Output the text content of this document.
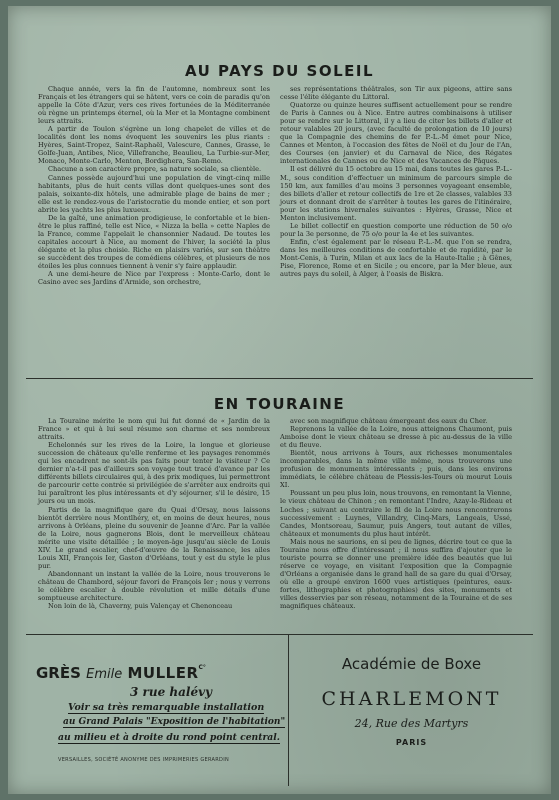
AU PAYS DU SOLEIL

Chaque année, vers la fin de l'automne, nombreux sont les Français et les étrangers qui se hâtent, vers ce coin de paradis qu'on appelle la Côte d'Azur, vers ces rives fortunées de la Méditerranée où règne un printemps éternel, où la Mer et la Montagne combinent leurs attraits.

A partir de Toulon s'égrène un long chapelet de villes et de localités dont les noms évoquent les souvenirs les plus riants : Hyères, Saint-Tropez, Saint-Raphaël, Valescure, Cannes, Grasse, le Golfe-Juan, Antibes, Nice, Villefranche, Beaulieu, La Turbie-sur-Mer, Monaco, Monte-Carlo, Menton, Bordighera, San-Remo.

Chacune a son caractère propre, sa nature sociale, sa clientèle.

Cannes possède aujourd'hui une population de vingt-cinq mille habitants, plus de huit cents villas dont quelques-unes sont des palais, soixante-dix hôtels, une admirable plage de bains de mer ; elle est le rendez-vous de l'aristocratie du monde entier, et son port abrite les yachts les plus luxueux.

De la gaîté, une animation prodigieuse, le confortable et le bien-être le plus raffiné, telle est Nice, « Nizza la bella » cette Naples de la France, comme l'appelait le chansonnier Nadaud. De toutes les capitales accourt à Nice, au moment de l'hiver, la société la plus élégante et la plus choisie. Riche en plaisirs variés, sur son théâtre se succèdent des troupes de comédiens célèbres, et plusieurs de nos étoiles les plus connues tiennent à venir s'y faire applaudir.

A une demi-heure de Nice par l'express : Monte-Carlo, dont le Casino avec ses Jardins d'Armide, son orchestre,

ses représentations théâtrales, son Tir aux pigeons, attire sans cesse l'élite élégante du Littoral.

Quatorze ou quinze heures suffisent actuellement pour se rendre de Paris à Cannes ou à Nice. Entre autres combinaisons à utiliser pour se rendre sur le Littoral, il y a lieu de citer les billets d'aller et retour valables 20 jours, (avec faculté de prolongation de 10 jours) que la Compagnie des chemins de fer P.-L.-M émet pour Nice, Cannes et Menton, à l'occasion des fêtes de Noël et du Jour de l'An, des Courses (en janvier) et du Carnaval de Nice, des Régates internationales de Cannes ou de Nice et des Vacances de Pâques.

Il est délivré du 15 octobre au 15 mai, dans toutes les gares P.-L.-M., sous condition d'effectuer un minimum de parcours simple de 150 km, aux familles d'au moins 3 personnes voyageant ensemble, des billets d'aller et retour collectifs de 1re et 2e classes, valables 33 jours et donnant droit de s'arrêter à toutes les gares de l'itinéraire, pour les stations hivernales suivantes : Hyères, Grasse, Nice et Menton inclusivement.

Le billet collectif en question comporte une réduction de 50 o/o pour la 3e personne, de 75 o/o pour la 4e et les suivantes.

Enfin, c'est également par le réseau P.-L.-M. que l'on se rendra, dans les meilleures conditions de confortable et de rapidité, par le Mont-Cenis, à Turin, Milan et aux lacs de la Haute-Italie ; à Gênes, Pise, Florence, Rome et en Sicile ; ou encore, par la Mer bleue, aux autres pays du soleil, à Alger, à l'oasis de Biskra.

EN TOURAINE

La Touraine mérite le nom qui lui fut donné de « Jardin de la France » et qui à lui seul résume son charme et ses nombreux attraits.

Echelonnés sur les rives de la Loire, la longue et glorieuse succession de châteaux qu'elle renferme et les paysages renommés qui les encadrent ne sont-ils pas faits pour tenter le visiteur ? Ce dernier n'a-t-il pas d'ailleurs son voyage tout tracé d'avance par les différents billets circulaires qui, à des prix modiques, lui permettront de parcourir cette contrée si privilégiée de s'arrêter aux endroits qui lui paraîtront les plus intéressants et d'y séjourner, s'il le désire, 15 jours ou un mois.

Partis de la magnifique gare du Quai d'Orsay, nous laissons bientôt derrière nous Montlhéry, et, en moins de deux heures, nous arrivons à Orléans, pleine du souvenir de Jeanne d'Arc. Par la vallée de la Loire, nous gagnerons Blois, dont le merveilleux château mérite une visite détaillée ; le moyen-âge jusqu'au siècle de Louis XIV. Le grand escalier, chef-d'œuvre de la Renaissance, les ailes Louis XII, François Ier, Gaston d'Orléans, tout y est du style le plus pur.

Abandonnant un instant la vallée de la Loire, nous trouverons le château de Chambord, séjour favori de François Ier ; nous y verrons le célèbre escalier à double révolution et mille détails d'une somptueuse architecture.

Non loin de là, Chaverny, puis Valençay et Chenonceau

avec son magnifique château émergeant des eaux du Cher.

Reprenons la vallée de la Loire, nous atteignons Chaumont, puis Amboise dont le vieux château se dresse à pic au-dessus de la ville et du fleuve.

Bientôt, nous arrivons à Tours, aux richesses monumentales incomparables, dans la même ville même, nous trouverons une profusion de monuments intéressants ; puis, dans les environs immédiats, le célèbre château de Plessis-les-Tours où mourut Louis XI.

Poussant un peu plus loin, nous trouvons, en remontant la Vienne, le vieux château de Chinon ; en remontant l'Indre, Azay-le-Rideau et Loches ; suivant au contraire le fil de la Loire nous rencontrerons successivement : Luynes, Villandry, Cinq-Mars, Langeais, Ussé, Candes, Montsoreau, Saumur, puis Angers, tout autant de villes, châteaux et monuments du plus haut intérêt.

Mais nous ne saurions, en si peu de lignes, décrire tout ce que la Touraine nous offre d'intéressant ; il nous suffira d'ajouter que le touriste pourra se donner une première idée des beautés que lui réserve ce voyage, en visitant l'exposition que la Compagnie d'Orléans a organisée dans le grand hall de sa gare du quai d'Orsay, où elle a groupé environ 1600 vues artistiques (peintures, eaux-fortes, lithographies et photographies) des sites, monuments et villes desservies par son réseau, notamment de la Touraine et de ses magnifiques châteaux.

GRÈS Emile $MULLER^{C^\circ}$
3 rue halévy
Voir sa très remarquable installation
au Grand Palais "Exposition de l'habitation"
au milieu et à droite du rond point central.
VERSAILLES, SOCIÉTÉ ANONYME DES IMPRIMERIES GERARDIN
Académie de Boxe
CHARLEMONT
24, Rue des Martyrs
PARIS
